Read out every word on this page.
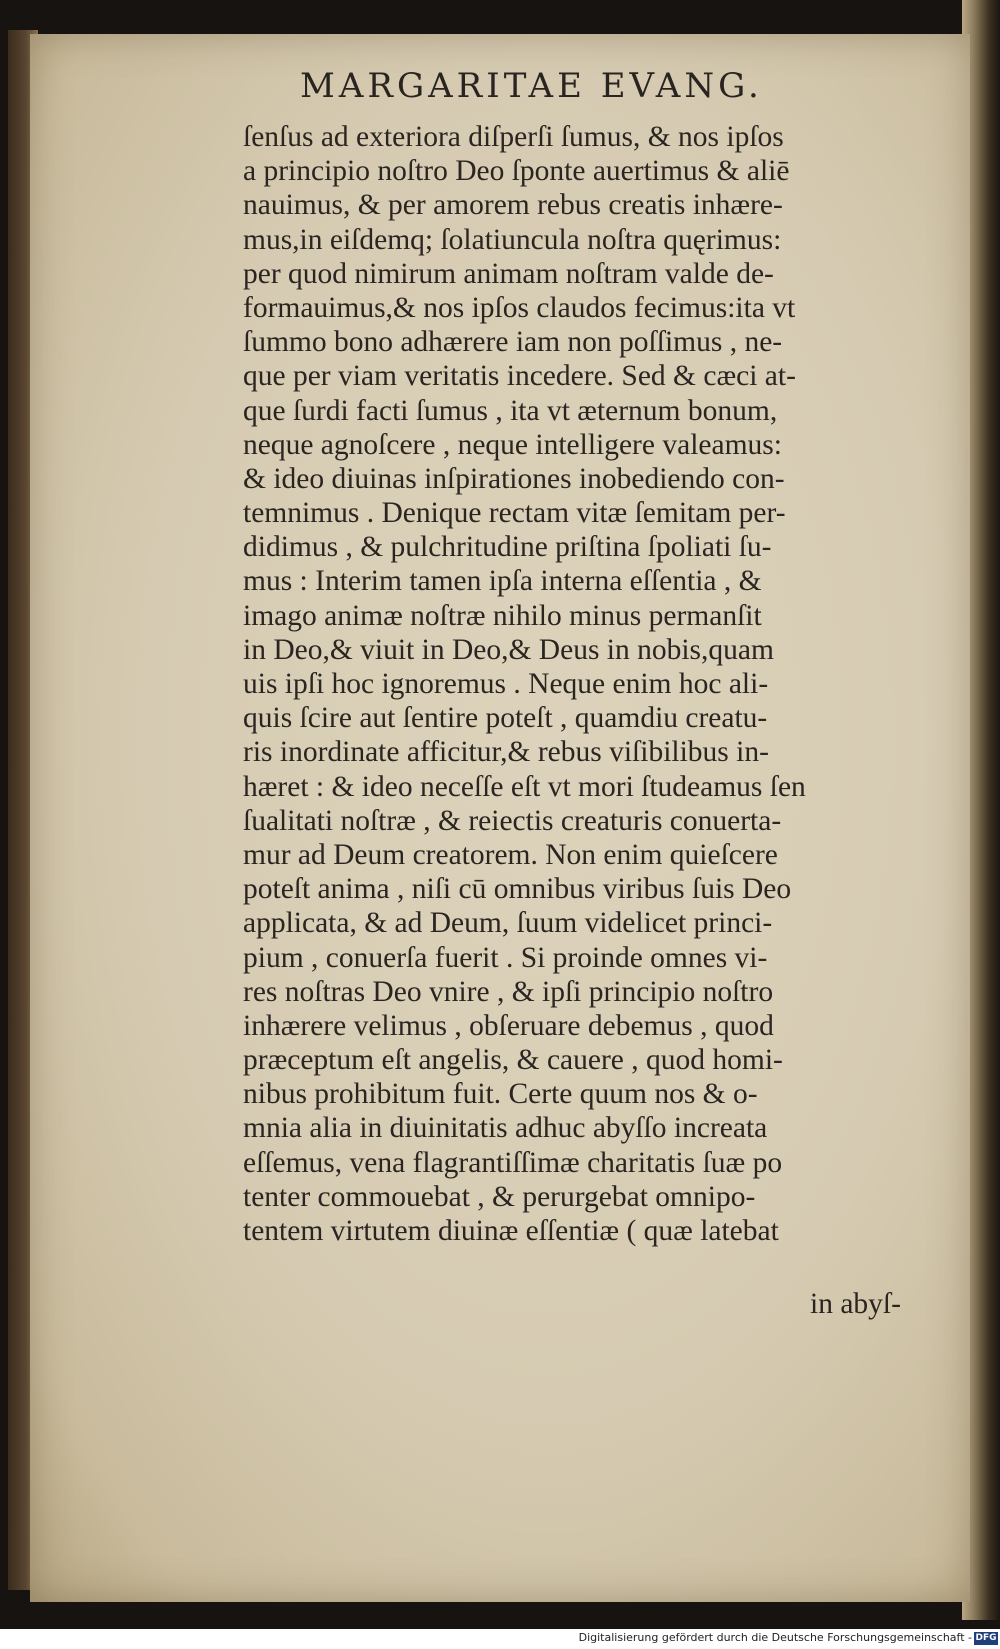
MARGARITAE EVANG.
ſenſus ad exteriora diſperſi ſumus, & nos ipſos
a principio noſtro Deo ſponte auertimus & aliē
nauimus, & per amorem rebus creatis inhære-
mus,in eiſdemq; ſolatiuncula noſtra quęrimus:
per quod nimirum animam noſtram valde de-
formauimus,& nos ipſos claudos fecimus:ita vt
ſummo bono adhærere iam non poſſimus , ne-
que per viam veritatis incedere. Sed & cæci at-
que ſurdi facti ſumus , ita vt æternum bonum,
neque agnoſcere , neque intelligere valeamus:
& ideo diuinas inſpirationes inobediendo con-
temnimus . Denique rectam vitæ ſemitam per-
didimus , & pulchritudine priſtina ſpoliati ſu-
mus : Interim tamen ipſa interna eſſentia , &
imago animæ noſtræ nihilo minus permanſit
in Deo,& viuit in Deo,& Deus in nobis,quam
uis ipſi hoc ignoremus . Neque enim hoc ali-
quis ſcire aut ſentire poteſt , quamdiu creatu-
ris inordinate afficitur,& rebus viſibilibus in-
hæret : & ideo neceſſe eſt vt mori ſtudeamus ſen
ſualitati noſtræ , & reiectis creaturis conuerta-
mur ad Deum creatorem. Non enim quieſcere
poteſt anima , niſi cū omnibus viribus ſuis Deo
applicata, & ad Deum, ſuum videlicet princi-
pium , conuerſa fuerit . Si proinde omnes vi-
res noſtras Deo vnire , & ipſi principio noſtro
inhærere velimus , obſeruare debemus , quod
præceptum eſt angelis, & cauere , quod homi-
nibus prohibitum fuit. Certe quum nos & o-
mnia alia in diuinitatis adhuc abyſſo increata
eſſemus, vena flagrantiſſimæ charitatis ſuæ po
tenter commouebat , & perurgebat omnipo-
tentem virtutem diuinæ eſſentiæ ( quæ latebat
in abyſ-
Digitalisierung gefördert durch die Deutsche Forschungsgemeinschaft - DFG
